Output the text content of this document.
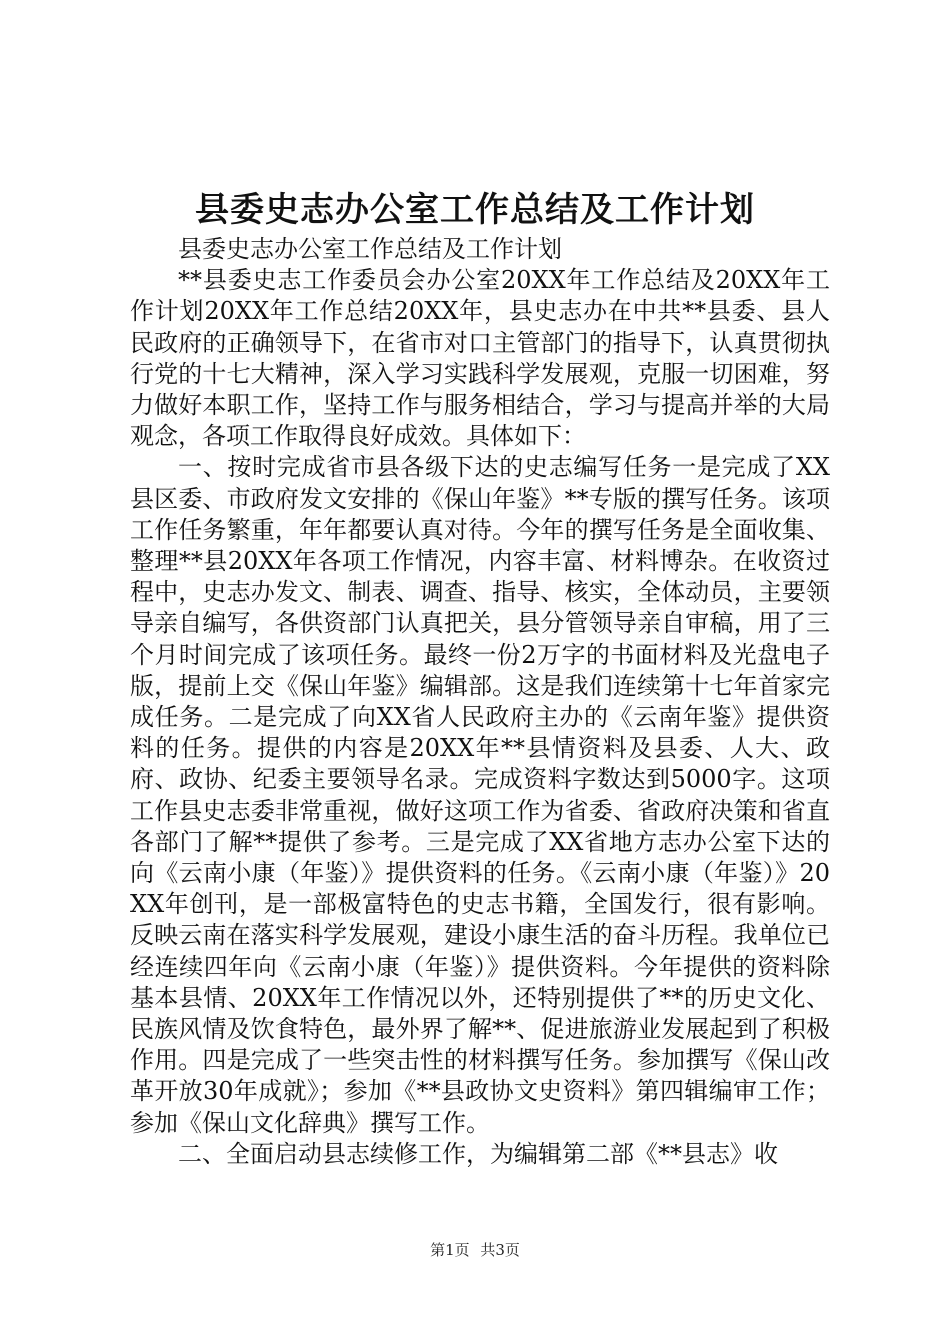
县委史志办公室工作总结及工作计划

县委史志办公室工作总结及工作计划

**县委史志工作委员会办公室20XX年工作总结及20XX年工作计划20XX年工作总结20XX年，县史志办在中共**县委、县人民政府的正确领导下，在省市对口主管部门的指导下，认真贯彻执行党的十七大精神，深入学习实践科学发展观，克服一切困难，努力做好本职工作，坚持工作与服务相结合，学习与提高并举的大局观念，各项工作取得良好成效。具体如下：

一、按时完成省市县各级下达的史志编写任务一是完成了XX县区委、市政府发文安排的《保山年鉴》**专版的撰写任务。该项工作任务繁重，年年都要认真对待。今年的撰写任务是全面收集、整理**县20XX年各项工作情况，内容丰富、材料博杂。在收资过程中，史志办发文、制表、调查、指导、核实，全体动员，主要领导亲自编写，各供资部门认真把关，县分管领导亲自审稿，用了三个月时间完成了该项任务。最终一份2万字的书面材料及光盘电子版，提前上交《保山年鉴》编辑部。这是我们连续第十七年首家完成任务。二是完成了向XX省人民政府主办的《云南年鉴》提供资料的任务。提供的内容是20XX年**县情资料及县委、人大、政府、政协、纪委主要领导名录。完成资料字数达到5000字。这项工作县史志委非常重视，做好这项工作为省委、省政府决策和省直各部门了解**提供了参考。三是完成了XX省地方志办公室下达的向《云南小康（年鉴）》提供资料的任务。《云南小康（年鉴）》20XX年创刊，是一部极富特色的史志书籍，全国发行，很有影响。反映云南在落实科学发展观，建设小康生活的奋斗历程。我单位已经连续四年向《云南小康（年鉴）》提供资料。今年提供的资料除基本县情、20XX年工作情况以外，还特别提供了**的历史文化、民族风情及饮食特色，最外界了解**、促进旅游业发展起到了积极作用。四是完成了一些突击性的材料撰写任务。参加撰写《保山改革开放30年成就》；参加《**县政协文史资料》第四辑编审工作；参加《保山文化辞典》撰写工作。

二、全面启动县志续修工作，为编辑第二部《**县志》收

第1页 共3页
